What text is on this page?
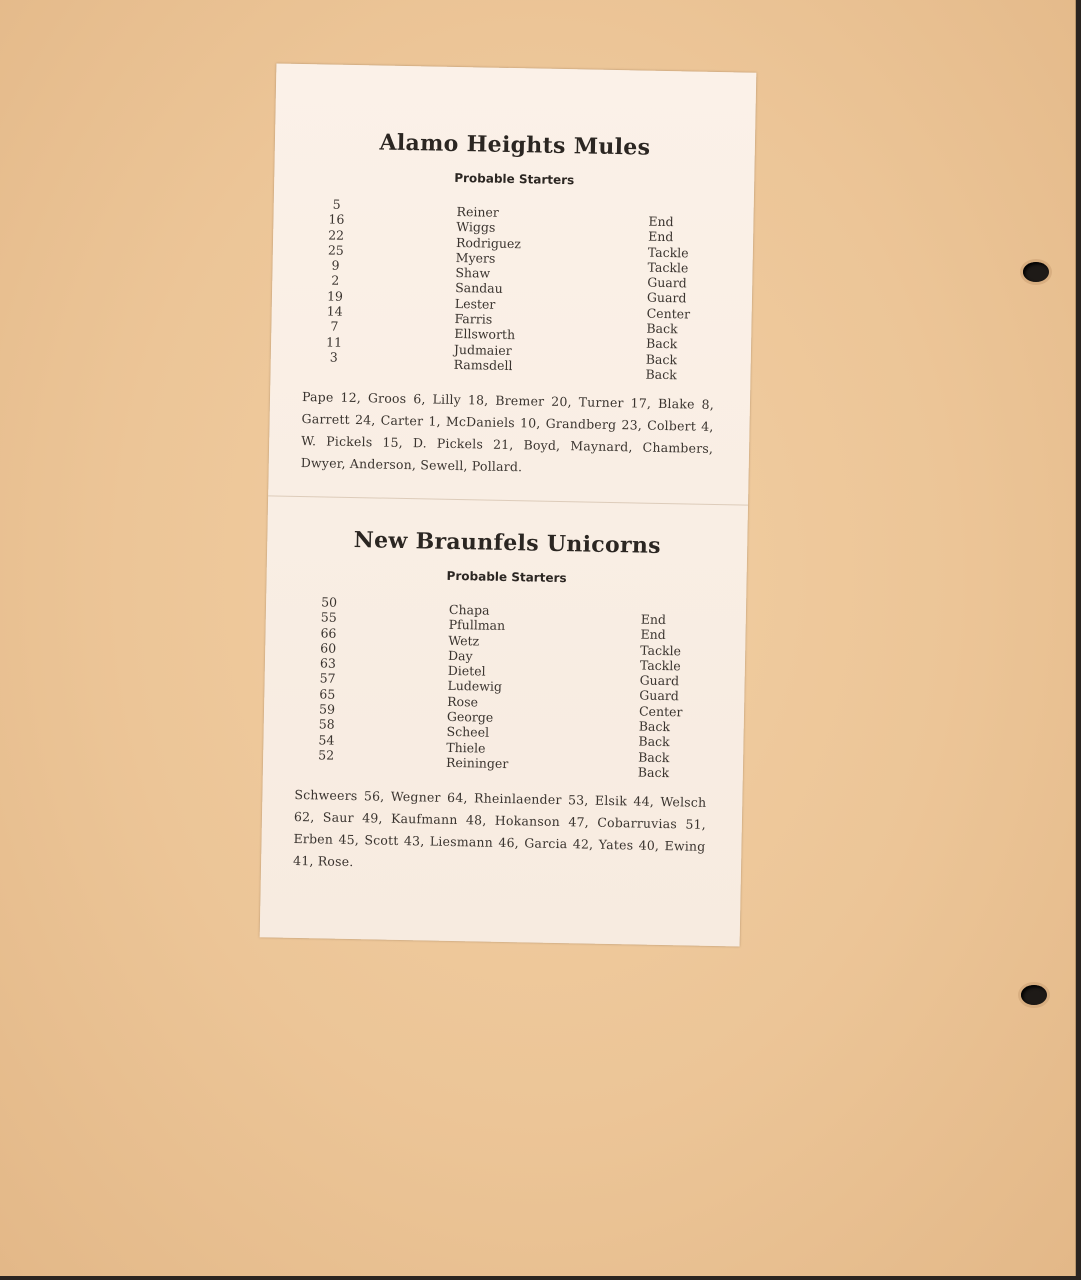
Alamo Heights Mules
Probable Starters
5
16
22
25
9
2
19
14
7
11
3
Reiner
Wiggs
Rodriguez
Myers
Shaw
Sandau
Lester
Farris
Ellsworth
Judmaier
Ramsdell
End
End
Tackle
Tackle
Guard
Guard
Center
Back
Back
Back
Back

Pape 12, Groos 6, Lilly 18, Bremer 20, Turner 17, Blake 8, Garrett 24, Carter 1, McDaniels 10, Grandberg 23, Colbert 4, W. Pickels 15, D. Pickels 21, Boyd, Maynard, Chambers, Dwyer, Anderson, Sewell, Pollard.

New Braunfels Unicorns
Probable Starters
50
55
66
60
63
57
65
59
58
54
52
Chapa
Pfullman
Wetz
Day
Dietel
Ludewig
Rose
George
Scheel
Thiele
Reininger
End
End
Tackle
Tackle
Guard
Guard
Center
Back
Back
Back
Back

Schweers 56, Wegner 64, Rheinlaender 53, Elsik 44, Welsch 62, Saur 49, Kaufmann 48, Hokanson 47, Cobarruvias 51, Erben 45, Scott 43, Liesmann 46, Garcia 42, Yates 40, Ewing 41, Rose.
